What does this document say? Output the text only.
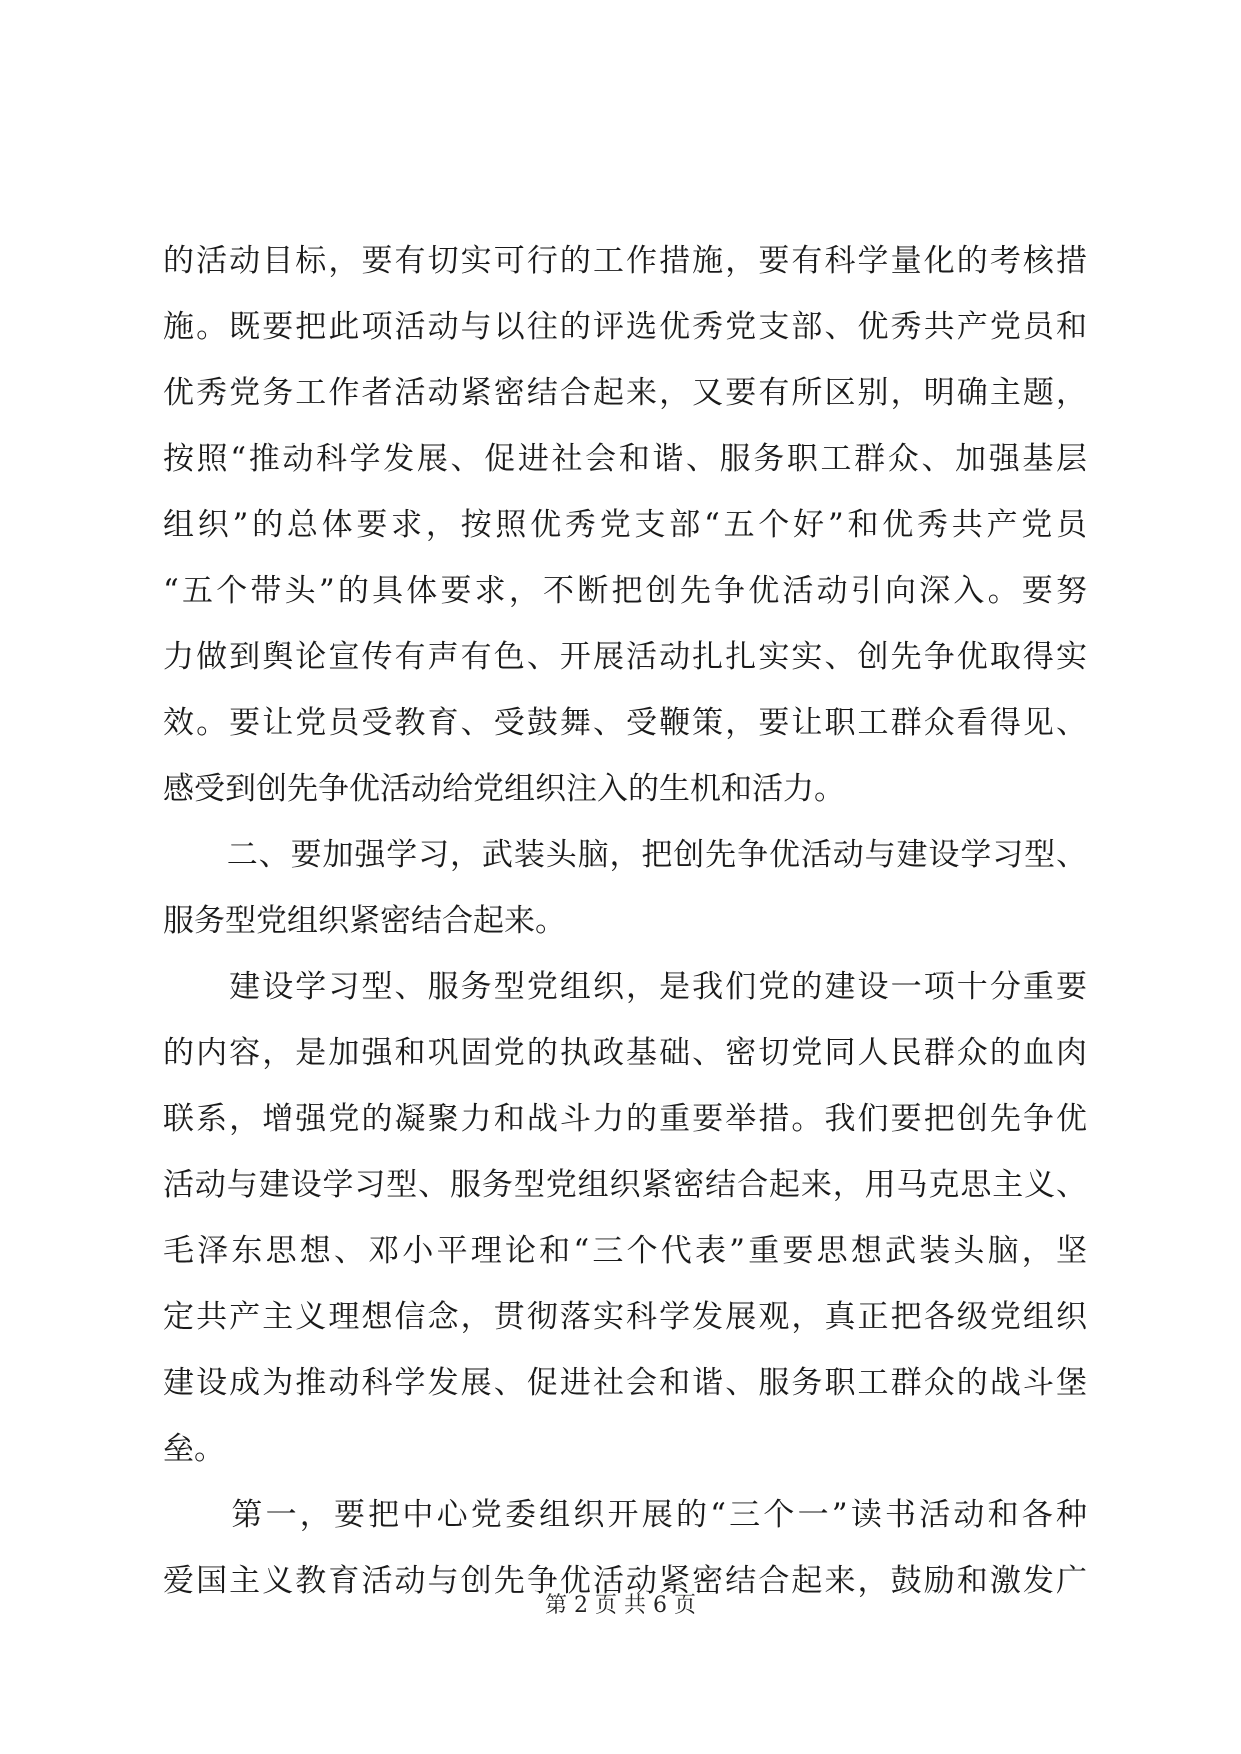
的活动目标，要有切实可行的工作措施，要有科学量化的考核措
施。既要把此项活动与以往的评选优秀党支部、优秀共产党员和
优秀党务工作者活动紧密结合起来，又要有所区别，明确主题，
按照“推动科学发展、促进社会和谐、服务职工群众、加强基层
组织”的总体要求，按照优秀党支部“五个好”和优秀共产党员
“五个带头”的具体要求，不断把创先争优活动引向深入。要努
力做到舆论宣传有声有色、开展活动扎扎实实、创先争优取得实
效。要让党员受教育、受鼓舞、受鞭策，要让职工群众看得见、
感受到创先争优活动给党组织注入的生机和活力。
　　二、要加强学习，武装头脑，把创先争优活动与建设学习型、
服务型党组织紧密结合起来。
　　建设学习型、服务型党组织，是我们党的建设一项十分重要
的内容，是加强和巩固党的执政基础、密切党同人民群众的血肉
联系，增强党的凝聚力和战斗力的重要举措。我们要把创先争优
活动与建设学习型、服务型党组织紧密结合起来，用马克思主义、
毛泽东思想、邓小平理论和“三个代表”重要思想武装头脑，坚
定共产主义理想信念，贯彻落实科学发展观，真正把各级党组织
建设成为推动科学发展、促进社会和谐、服务职工群众的战斗堡
垒。
　　第一，要把中心党委组织开展的“三个一”读书活动和各种
爱国主义教育活动与创先争优活动紧密结合起来，鼓励和激发广
第 2 页 共 6 页
